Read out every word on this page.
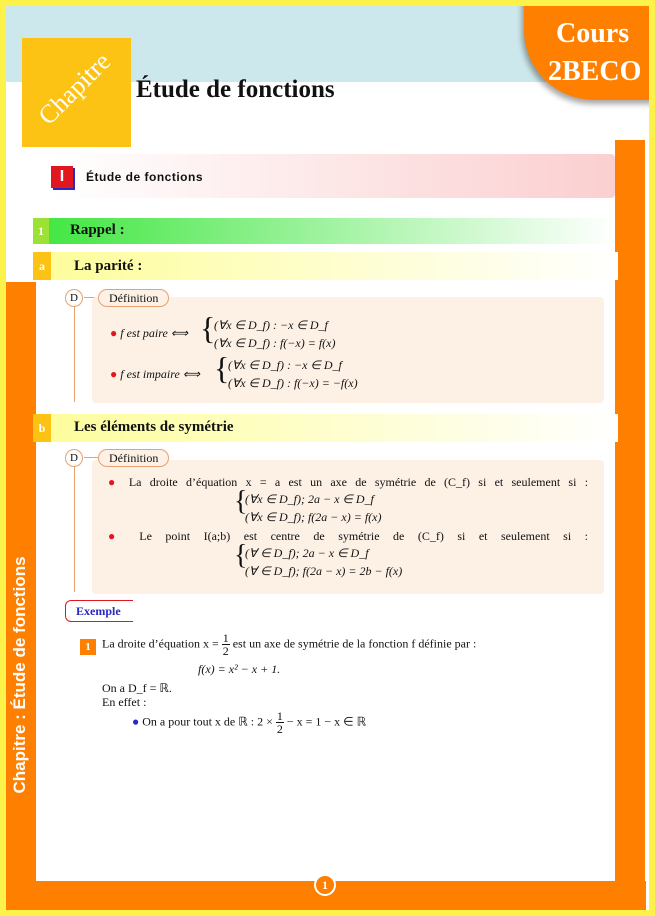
Chapitre : Étude de fonctions
Chapitre Étude de fonctions
Cours
2BECO
I	Étude de fonctions
1	Rappel :
a	La parité :
D	Définition
● f est paire ⟺ {
(∀x ∈ D_f) : −x ∈ D_f
(∀x ∈ D_f) : f(−x) = f(x)
● f est impaire ⟺ {
(∀x ∈ D_f) : −x ∈ D_f
(∀x ∈ D_f) : f(−x) = −f(x)
b	Les éléments de symétrie
D	Définition
● La droite d’équation x = a est un axe de symétrie de (C_f) si et seulement si :
{
(∀x ∈ D_f); 2a − x ∈ D_f
(∀x ∈ D_f); f(2a − x) = f(x)
● Le point I(a;b) est centre de symétrie de (C_f) si et seulement si :
{
(∀ ∈ D_f); 2a − x ∈ D_f
(∀ ∈ D_f); f(2a − x) = 2b − f(x)
Exemple
1 La droite d’équation $x = \frac{1}{2}$ est un axe de symétrie de la fonction f définie par :
f(x) = x² − x + 1.
On a D_f = ℝ.
En effet :
● On a pour tout x de ℝ : $2 \times \frac{1}{2} - x = 1 - x$ ∈ ℝ
1
